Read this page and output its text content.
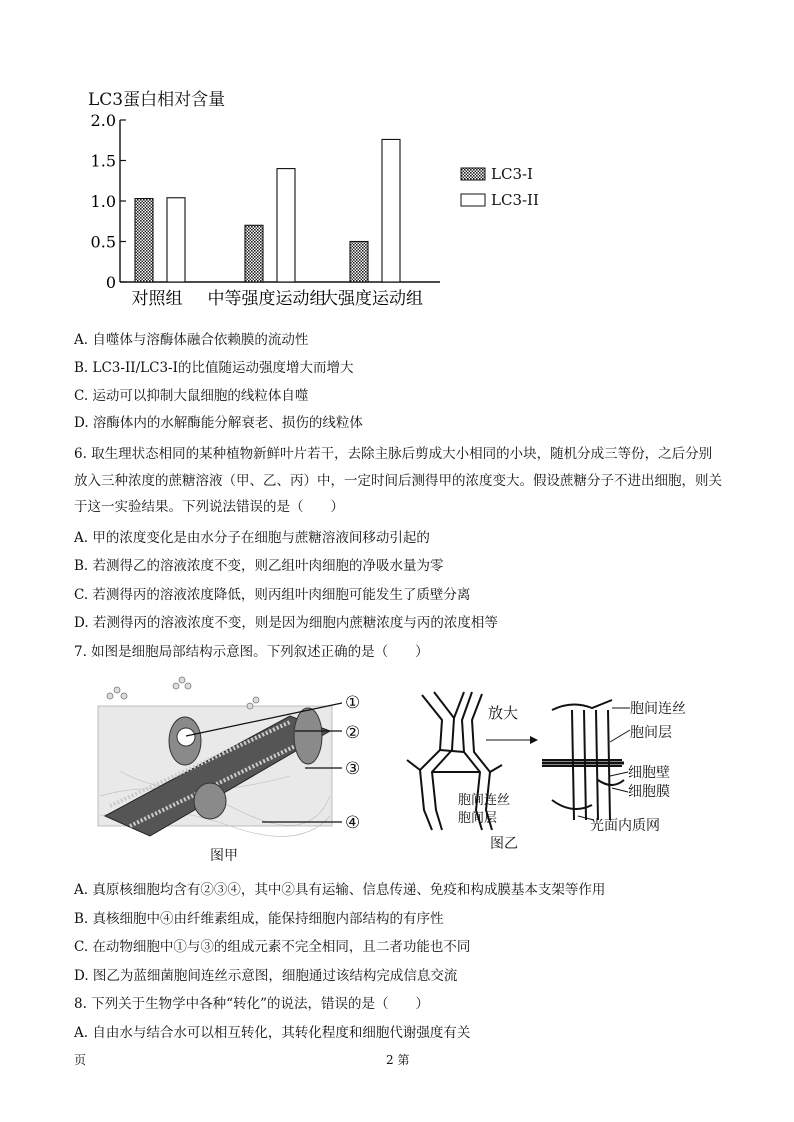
LC3蛋白相对含量
0
0.5
1.0
1.5
2.0
对照组 中等强度运动组
大强度运动组
LC3-I
LC3-II
A. 自噬体与溶酶体融合依赖膜的流动性
B. LC3-II/LC3-I的比值随运动强度增大而增大
C. 运动可以抑制大鼠细胞的线粒体自噬
D. 溶酶体内的水解酶能分解衰老、损伤的线粒体
6. 取生理状态相同的某种植物新鲜叶片若干，去除主脉后剪成大小相同的小块，随机分成三等份，之后分别放入三种浓度的蔗糖溶液（甲、乙、丙）中，一定时间后测得甲的浓度变大。假设蔗糖分子不进出细胞，则关于这一实验结果。下列说法错误的是（　　）
A. 甲的浓度变化是由水分子在细胞与蔗糖溶液间移动引起的
B. 若测得乙的溶液浓度不变，则乙组叶肉细胞的净吸水量为零
C. 若测得丙的溶液浓度降低，则丙组叶肉细胞可能发生了质壁分离
D. 若测得丙的溶液浓度不变，则是因为细胞内蔗糖浓度与丙的浓度相等
7. 如图是细胞局部结构示意图。下列叙述正确的是（　　）
①
②
③
④
图甲
放大
胞间连丝
胞间层
图乙
胞间连丝
胞间层
细胞壁
细胞膜
光面内质网
A. 真原核细胞均含有②③④，其中②具有运输、信息传递、免疫和构成膜基本支架等作用
B. 真核细胞中④由纤维素组成，能保持细胞内部结构的有序性
C. 在动物细胞中①与③的组成元素不完全相同，且二者功能也不同
D. 图乙为蓝细菌胞间连丝示意图，细胞通过该结构完成信息交流
8. 下列关于生物学中各种“转化”的说法，错误的是（　　）
A. 自由水与结合水可以相互转化，其转化程度和细胞代谢强度有关
页	2 第
